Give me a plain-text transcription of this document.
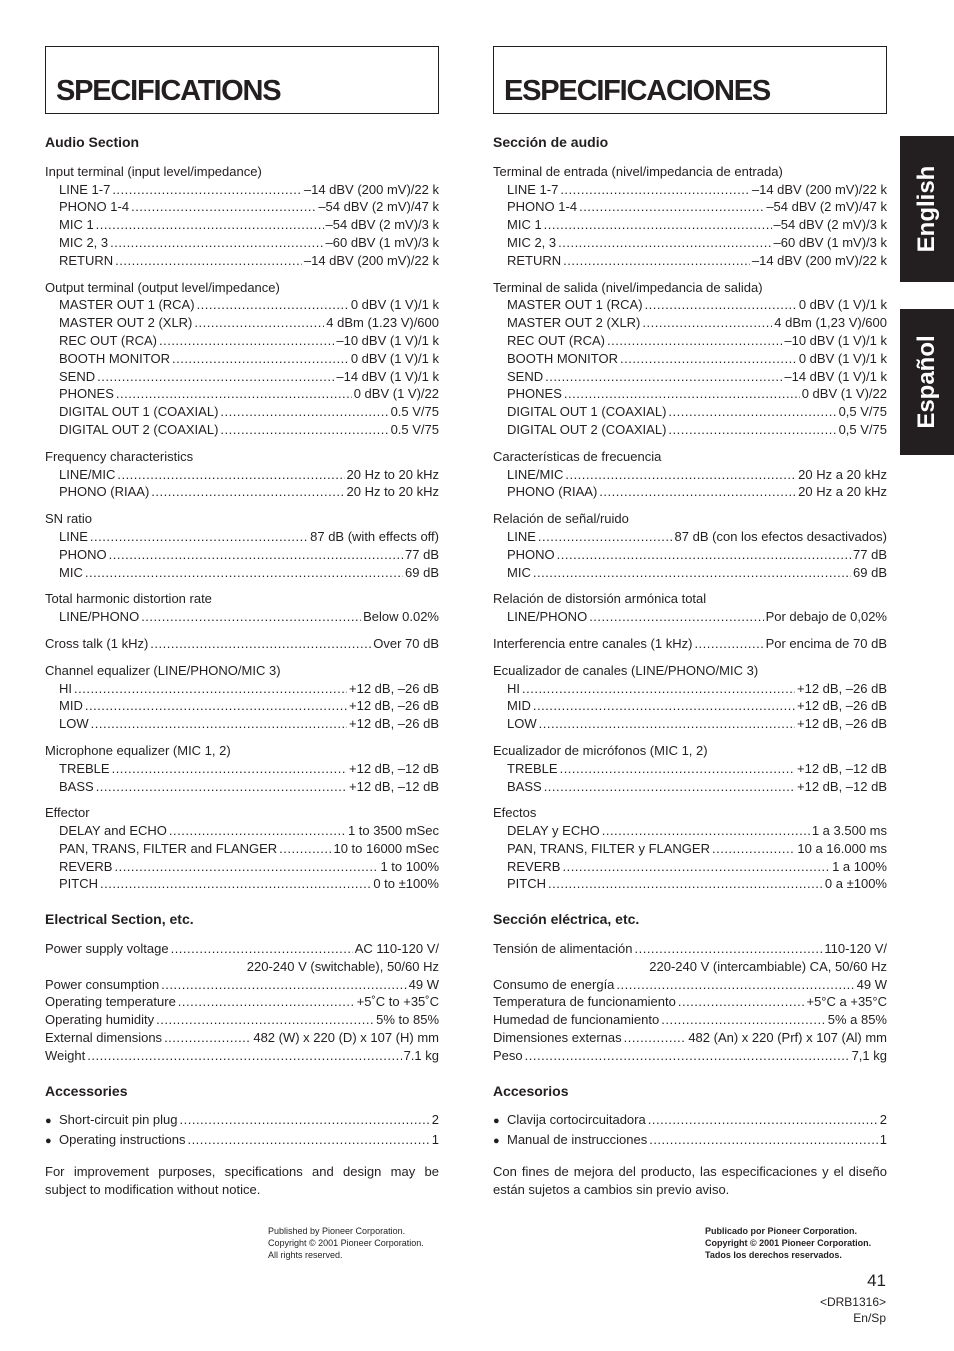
SPECIFICATIONS
Audio Section
Input terminal (input level/impedance)
LINE 1-7 .....	–14 dBV (200 mV)/22 k
PHONO 1-4 .....	–54 dBV (2 mV)/47 k
MIC 1 .....	–54 dBV (2 mV)/3 k
MIC 2, 3 .....	–60 dBV (1 mV)/3 k
RETURN .....	–14 dBV (200 mV)/22 k
Output terminal (output level/impedance)
MASTER OUT 1 (RCA) .....	0 dBV (1 V)/1 k
MASTER OUT 2 (XLR) .....	4 dBm (1.23 V)/600
REC OUT (RCA) .....	–10 dBV (1 V)/1 k
BOOTH MONITOR .....	0 dBV (1 V)/1 k
SEND .....	–14 dBV (1 V)/1 k
PHONES .....	0 dBV (1 V)/22
DIGITAL OUT 1 (COAXIAL) .....	0.5 V/75
DIGITAL OUT 2 (COAXIAL) .....	0.5 V/75
Frequency characteristics
LINE/MIC .....	20 Hz to 20 kHz
PHONO (RIAA) .....	20 Hz to 20 kHz
SN ratio
LINE .....	87 dB (with effects off)
PHONO .....	77 dB
MIC .....	69 dB
Total harmonic distortion rate
LINE/PHONO .....	Below 0.02%
Cross talk (1 kHz) .....	Over 70 dB
Channel equalizer (LINE/PHONO/MIC 3)
HI .....	+12 dB, –26 dB
MID .....	+12 dB, –26 dB
LOW .....	+12 dB, –26 dB
Microphone equalizer (MIC 1, 2)
TREBLE .....	+12 dB, –12 dB
BASS .....	+12 dB, –12 dB
Effector
DELAY and ECHO .....	1 to 3500 mSec
PAN, TRANS, FILTER and FLANGER .....	10 to 16000 mSec
REVERB .....	1 to 100%
PITCH .....	0 to ±100%
Electrical Section, etc.
Power supply voltage .....	AC 110-120 V/
220-240 V (switchable), 50/60 Hz
Power consumption .....	49 W
Operating temperature .....	+5˚C to +35˚C
Operating humidity .....	5% to 85%
External dimensions .....	482 (W) x 220 (D) x 107 (H) mm
Weight .....	7.1 kg
Accessories
● Short-circuit pin plug .....	2
● Operating instructions .....	1
For improvement purposes, specifications and design may be subject to modification without notice.
ESPECIFICACIONES
Sección de audio
Terminal de entrada (nivel/impedancia de entrada)
LINE 1-7 .....	–14 dBV (200 mV)/22 k
PHONO 1-4 .....	–54 dBV (2 mV)/47 k
MIC 1 .....	–54 dBV (2 mV)/3 k
MIC 2, 3 .....	–60 dBV (1 mV)/3 k
RETURN .....	–14 dBV (200 mV)/22 k
Terminal de salida (nivel/impedancia de salida)
MASTER OUT 1 (RCA) .....	0 dBV (1 V)/1 k
MASTER OUT 2 (XLR) .....	4 dBm (1,23 V)/600
REC OUT (RCA) .....	–10 dBV (1 V)/1 k
BOOTH MONITOR .....	0 dBV (1 V)/1 k
SEND .....	–14 dBV (1 V)/1 k
PHONES .....	0 dBV (1 V)/22
DIGITAL OUT 1 (COAXIAL) .....	0,5 V/75
DIGITAL OUT 2 (COAXIAL) .....	0,5 V/75
Características de frecuencia
LINE/MIC .....	20 Hz a 20 kHz
PHONO (RIAA) .....	20 Hz a 20 kHz
Relación de señal/ruido
LINE .....	87 dB (con los efectos desactivados)
PHONO .....	77 dB
MIC .....	69 dB
Relación de distorsión armónica total
LINE/PHONO .....	Por debajo de 0,02%
Interferencia entre canales (1 kHz) .....	Por encima de 70 dB
Ecualizador de canales (LINE/PHONO/MIC 3)
HI .....	+12 dB, –26 dB
MID .....	+12 dB, –26 dB
LOW .....	+12 dB, –26 dB
Ecualizador de micrófonos (MIC 1, 2)
TREBLE .....	+12 dB, –12 dB
BASS .....	+12 dB, –12 dB
Efectos
DELAY y ECHO .....	1 a 3.500 ms
PAN, TRANS, FILTER y FLANGER .....	10 a 16.000 ms
REVERB .....	1 a 100%
PITCH .....	0 a ±100%
Sección eléctrica, etc.
Tensión de alimentación .....	110-120 V/
220-240 V (intercambiable) CA, 50/60 Hz
Consumo de energía .....	49 W
Temperatura de funcionamiento .....	+5°C a +35°C
Humedad de funcionamiento .....	5% a 85%
Dimensiones externas .....	482 (An) x 220 (Prf) x 107 (Al) mm
Peso .....	7,1 kg
Accesorios
● Clavija cortocircuitadora .....	2
● Manual de instrucciones .....	1
Con fines de mejora del producto, las especificaciones y el diseño están sujetos a cambios sin previo aviso.
Published by Pioneer Corporation.
Copyright © 2001 Pioneer Corporation.
All rights reserved.
Publicado por Pioneer Corporation.
Copyright © 2001 Pioneer Corporation.
Tados los derechos reservados.
English
Español
41
<DRB1316>
En/Sp
